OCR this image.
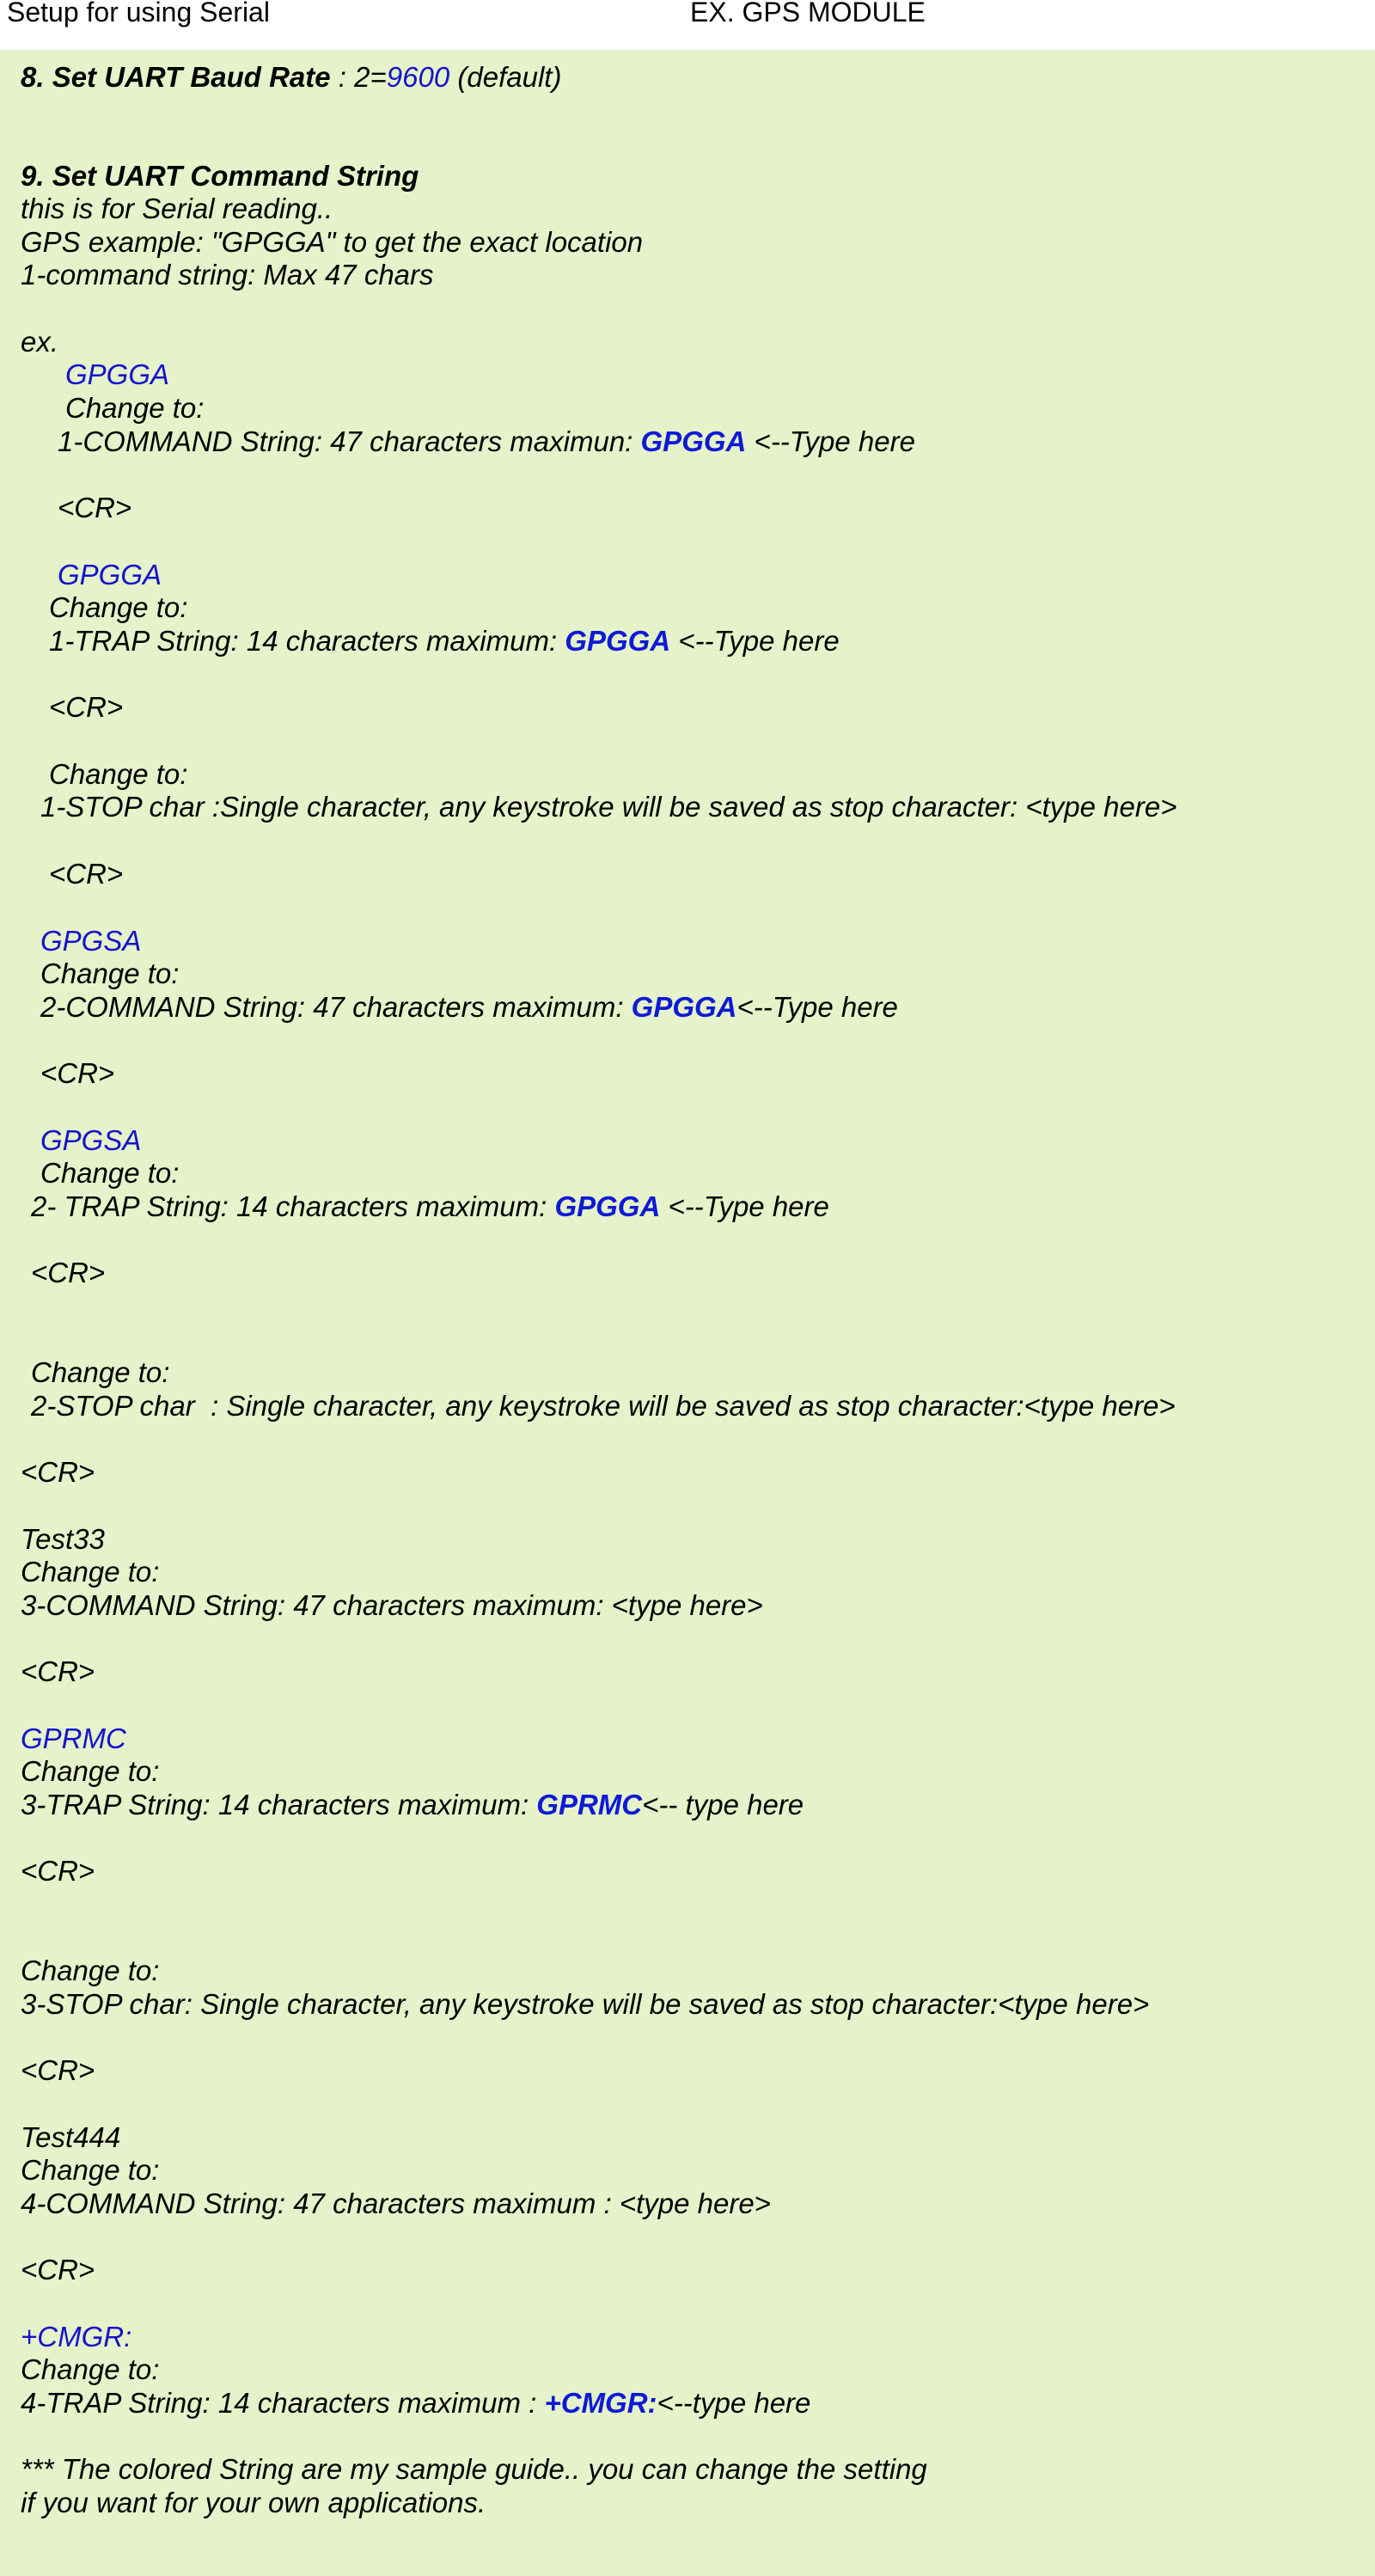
Setup for using Serial	EX. GPS MODULE
8. Set UART Baud Rate : 2=9600 (default)
9. Set UART Command String
this is for Serial reading..
GPS example: "GPGGA" to get the exact location
1-command string: Max 47 chars
ex.
GPGGA
Change to:
1-COMMAND String: 47 characters maximun: GPGGA <--Type here
<CR>
GPGGA
Change to:
1-TRAP String: 14 characters maximum: GPGGA <--Type here
<CR>
Change to:
1-STOP char :Single character, any keystroke will be saved as stop character: <type here>
<CR>
GPGSA
Change to:
2-COMMAND String: 47 characters maximum: GPGGA<--Type here
<CR>
GPGSA
Change to:
2- TRAP String: 14 characters maximum: GPGGA <--Type here
<CR>
Change to:
2-STOP char  : Single character, any keystroke will be saved as stop character:<type here>
<CR>
Test33
Change to:
3-COMMAND String: 47 characters maximum: <type here>
<CR>
GPRMC
Change to:
3-TRAP String: 14 characters maximum: GPRMC<-- type here
<CR>
Change to:
3-STOP char: Single character, any keystroke will be saved as stop character:<type here>
<CR>
Test444
Change to:
4-COMMAND String: 47 characters maximum : <type here>
<CR>
+CMGR:
Change to:
4-TRAP String: 14 characters maximum : +CMGR:<--type here
*** The colored String are my sample guide.. you can change the setting
if you want for your own applications.
